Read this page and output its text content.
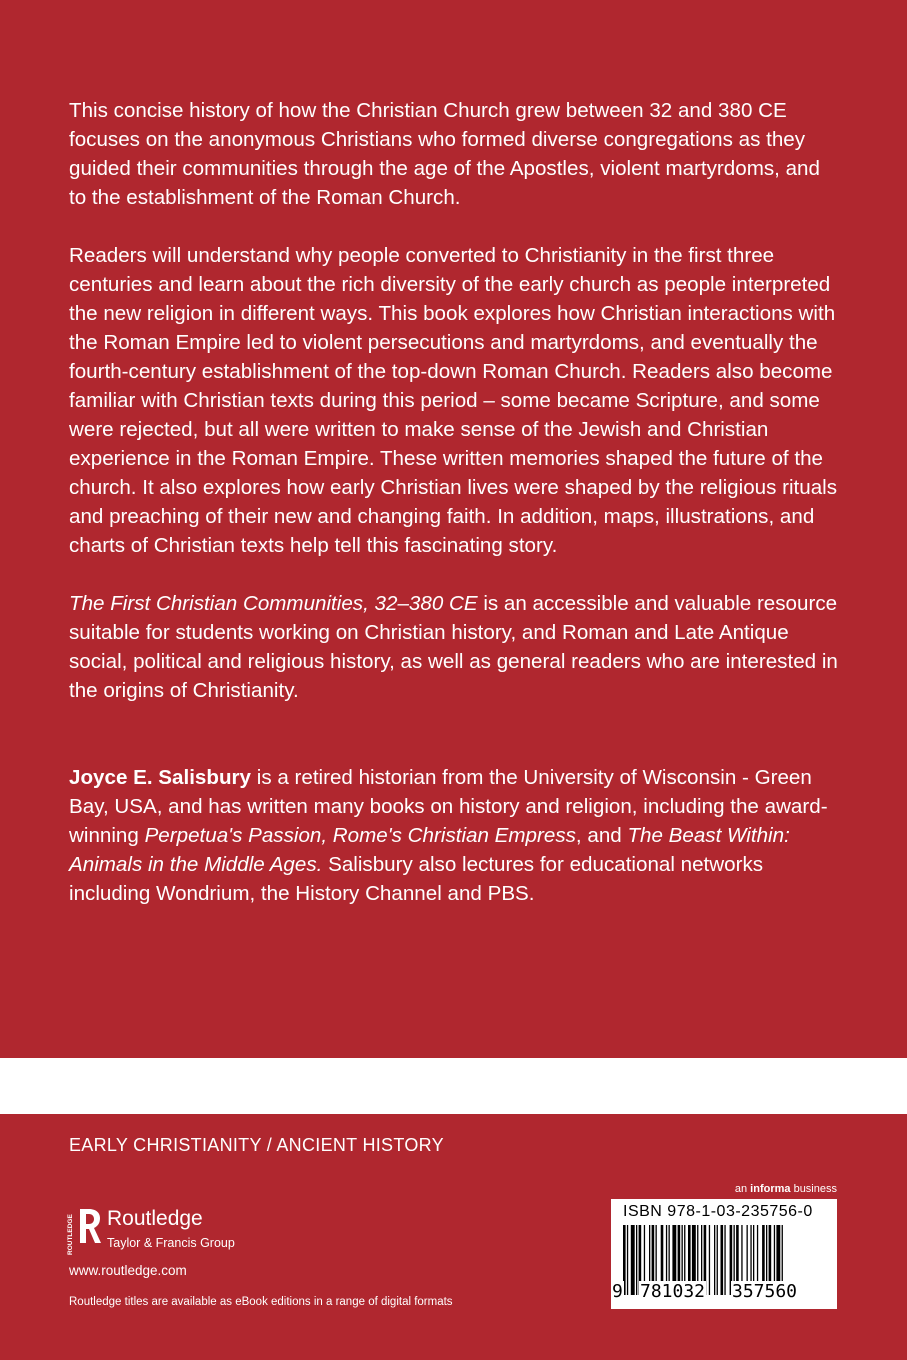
This concise history of how the Christian Church grew between 32 and 380 CE focuses on the anonymous Christians who formed diverse congregations as they guided their communities through the age of the Apostles, violent martyrdoms, and to the establishment of the Roman Church.

Readers will understand why people converted to Christianity in the first three centuries and learn about the rich diversity of the early church as people interpreted the new religion in different ways. This book explores how Christian interactions with the Roman Empire led to violent persecutions and martyrdoms, and eventually the fourth-century establishment of the top-down Roman Church. Readers also become familiar with Christian texts during this period – some became Scripture, and some were rejected, but all were written to make sense of the Jewish and Christian experience in the Roman Empire. These written memories shaped the future of the church. It also explores how early Christian lives were shaped by the religious rituals and preaching of their new and changing faith. In addition, maps, illustrations, and charts of Christian texts help tell this fascinating story.

The First Christian Communities, 32–380 CE is an accessible and valuable resource suitable for students working on Christian history, and Roman and Late Antique social, political and religious history, as well as general readers who are interested in the origins of Christianity.

Joyce E. Salisbury is a retired historian from the University of Wisconsin - Green Bay, USA, and has written many books on history and religion, including the award-winning Perpetua's Passion, Rome's Christian Empress, and The Beast Within: Animals in the Middle Ages. Salisbury also lectures for educational networks including Wondrium, the History Channel and PBS.

EARLY CHRISTIANITY / ANCIENT HISTORY
ROUTLEDGE Routledge
Taylor & Francis Group
www.routledge.com
Routledge titles are available as eBook editions in a range of digital formats
an informa business
ISBN 978-1-03-235756-0
9 781032 357560
